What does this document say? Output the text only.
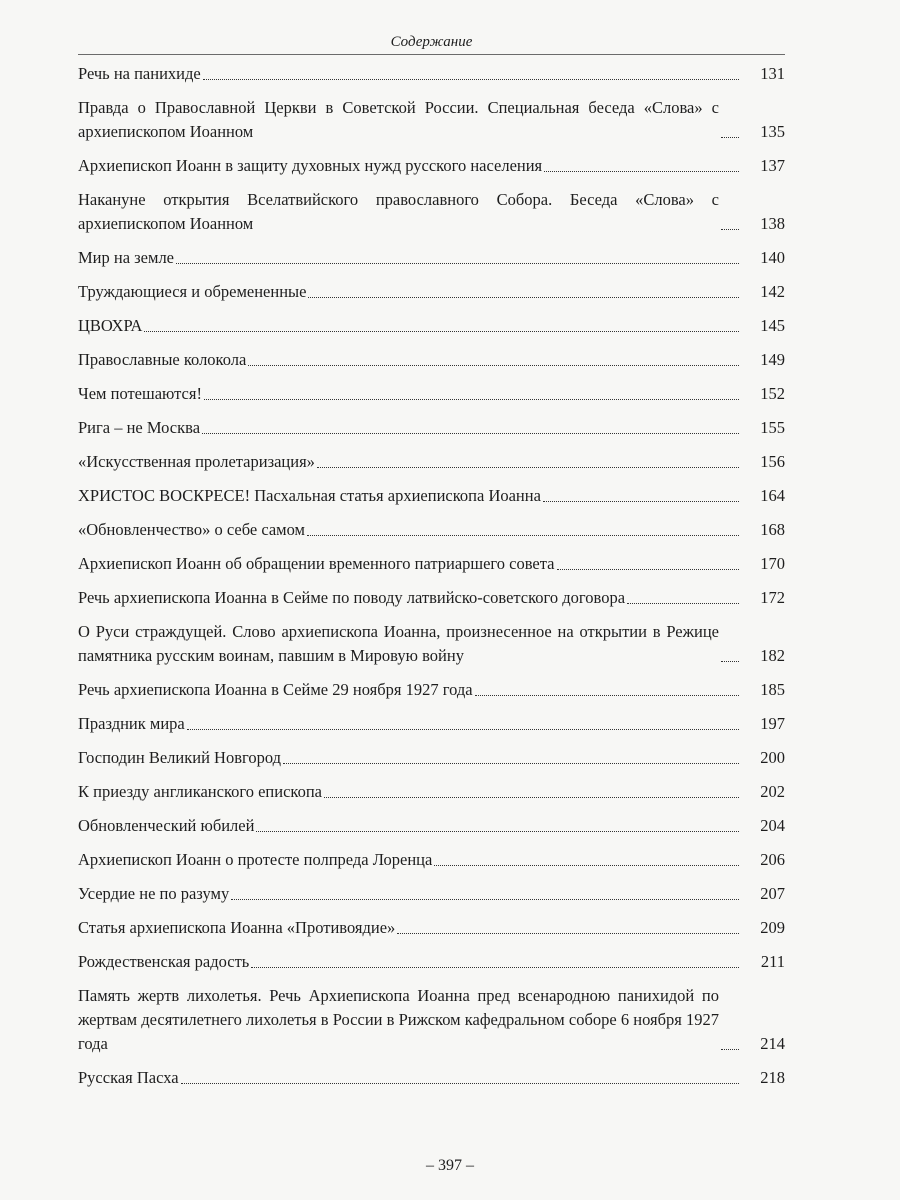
Содержание
Речь на панихиде	131
Правда о Православной Церкви в Советской России. Специальная беседа «Слова» с архиепископом Иоанном	135
Архиепископ Иоанн в защиту духовных нужд русского населения	137
Накануне открытия Вселатвийского православного Собора. Беседа «Слова» с архиепископом Иоанном	138
Мир на земле	140
Труждающиеся и обремененные	142
ЦВОХРА	145
Православные колокола	149
Чем потешаются!	152
Рига – не Москва	155
«Искусственная пролетаризация»	156
ХРИСТОС ВОСКРЕСЕ! Пасхальная статья архиепископа Иоанна	164
«Обновленчество» о себе самом	168
Архиепископ Иоанн об обращении временного патриаршего совета	170
Речь архиепископа Иоанна в Сейме по поводу латвийско-советского договора	172
О Руси страждущей. Слово архиепископа Иоанна, произнесенное на открытии в Режице памятника русским воинам, павшим в Мировую войну	182
Речь архиепископа Иоанна в Сейме 29 ноября 1927 года	185
Праздник мира	197
Господин Великий Новгород	200
К приезду англиканского епископа	202
Обновленческий юбилей	204
Архиепископ Иоанн о протесте полпреда Лоренца	206
Усердие не по разуму	207
Статья архиепископа Иоанна «Противоядие»	209
Рождественская радость	211
Память жертв лихолетья. Речь Архиепископа Иоанна пред всенародною панихидой по жертвам десятилетнего лихолетья в России в Рижском кафедральном соборе 6 ноября 1927 года	214
Русская Пасха	218
– 397 –
